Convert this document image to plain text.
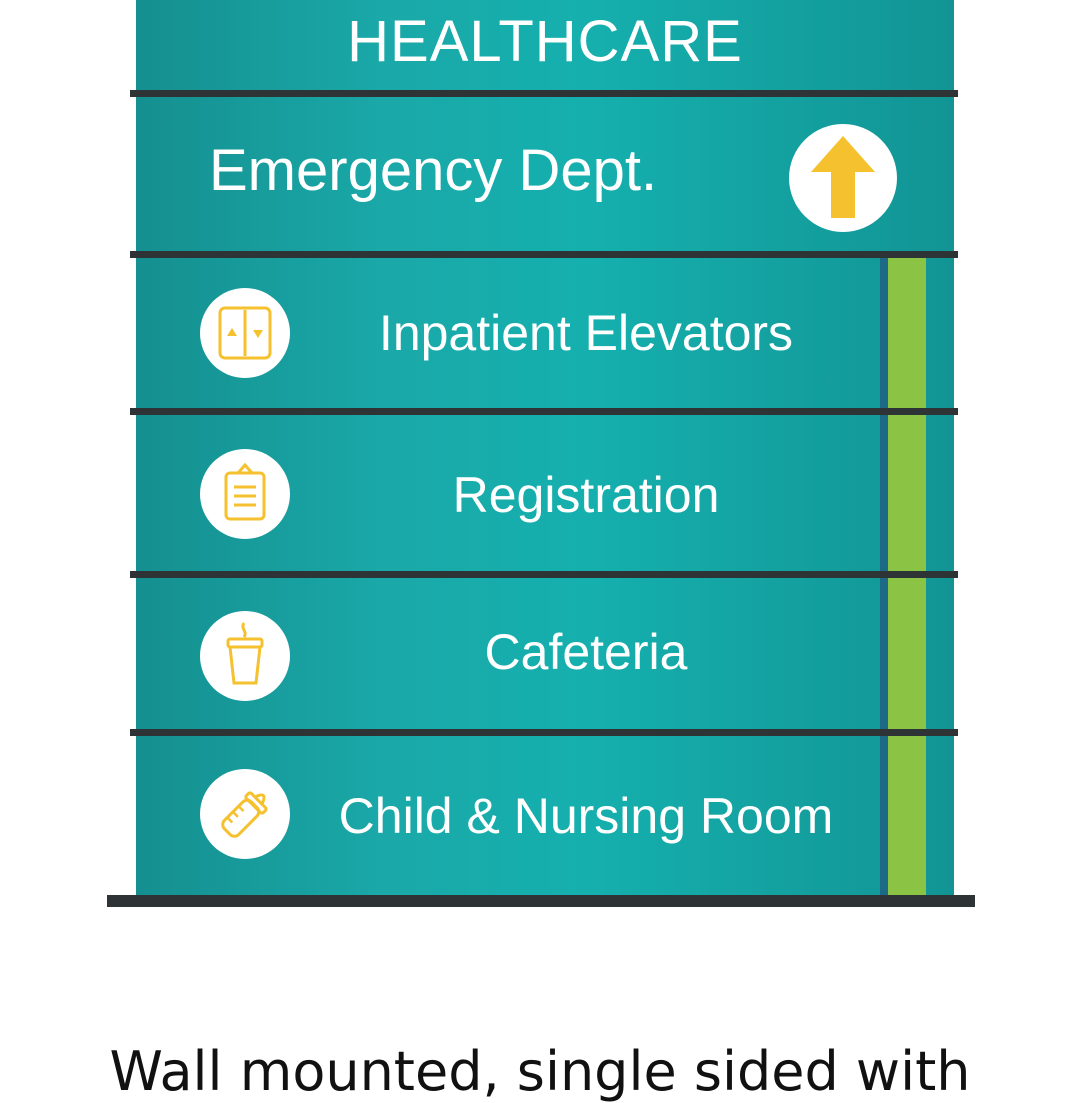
HEALTHCARE
Emergency Dept.
Inpatient Elevators
Registration
Cafeteria
Child & Nursing Room
Wall mounted, single sided with
